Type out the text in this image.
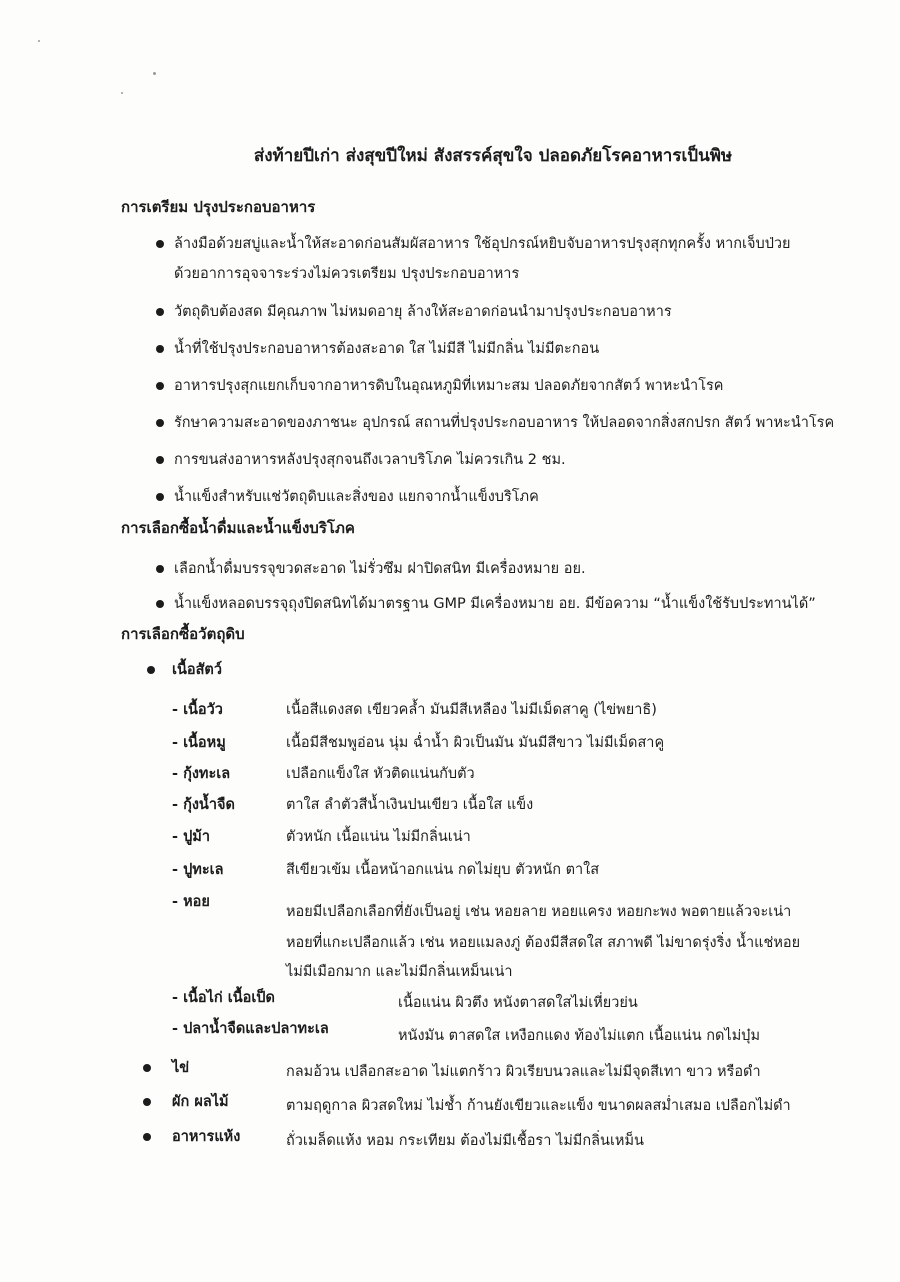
ส่งท้ายปีเก่า ส่งสุขปีใหม่ สังสรรค์สุขใจ ปลอดภัยโรคอาหารเป็นพิษ
การเตรียม ปรุงประกอบอาหาร
ล้างมือด้วยสบู่และน้ำให้สะอาดก่อนสัมผัสอาหาร ใช้อุปกรณ์หยิบจับอาหารปรุงสุกทุกครั้ง หากเจ็บป่วย
ด้วยอาการอุจจาระร่วงไม่ควรเตรียม ปรุงประกอบอาหาร
วัตถุดิบต้องสด มีคุณภาพ ไม่หมดอายุ ล้างให้สะอาดก่อนนำมาปรุงประกอบอาหาร
น้ำที่ใช้ปรุงประกอบอาหารต้องสะอาด ใส ไม่มีสี ไม่มีกลิ่น ไม่มีตะกอน
อาหารปรุงสุกแยกเก็บจากอาหารดิบในอุณหภูมิที่เหมาะสม ปลอดภัยจากสัตว์ พาหะนำโรค
รักษาความสะอาดของภาชนะ อุปกรณ์ สถานที่ปรุงประกอบอาหาร ให้ปลอดจากสิ่งสกปรก สัตว์ พาหะนำโรค
การขนส่งอาหารหลังปรุงสุกจนถึงเวลาบริโภค ไม่ควรเกิน 2 ชม.
น้ำแข็งสำหรับแช่วัตถุดิบและสิ่งของ แยกจากน้ำแข็งบริโภค
การเลือกซื้อน้ำดื่มและน้ำแข็งบริโภค
เลือกน้ำดื่มบรรจุขวดสะอาด ไม่รั่วซึม ฝาปิดสนิท มีเครื่องหมาย อย.
น้ำแข็งหลอดบรรจุถุงปิดสนิทได้มาตรฐาน GMP มีเครื่องหมาย อย. มีข้อความ “น้ำแข็งใช้รับประทานได้”
การเลือกซื้อวัตถุดิบ
เนื้อสัตว์
- เนื้อวัว	เนื้อสีแดงสด เขียวคล้ำ มันมีสีเหลือง ไม่มีเม็ดสาคู (ไข่พยาธิ)
- เนื้อหมู	เนื้อมีสีชมพูอ่อน นุ่ม ฉ่ำน้ำ ผิวเป็นมัน มันมีสีขาว ไม่มีเม็ดสาคู
- กุ้งทะเล	เปลือกแข็งใส หัวติดแน่นกับตัว
- กุ้งน้ำจืด	ตาใส ลำตัวสีน้ำเงินปนเขียว เนื้อใส แข็ง
- ปูม้า	ตัวหนัก เนื้อแน่น ไม่มีกลิ่นเน่า
- ปูทะเล	สีเขียวเข้ม เนื้อหน้าอกแน่น กดไม่ยุบ ตัวหนัก ตาใส
- หอย
หอยมีเปลือกเลือกที่ยังเป็นอยู่ เช่น หอยลาย หอยแครง หอยกะพง พอตายแล้วจะเน่า
หอยที่แกะเปลือกแล้ว เช่น หอยแมลงภู่ ต้องมีสีสดใส สภาพดี ไม่ขาดรุ่งริ่ง น้ำแช่หอย
ไม่มีเมือกมาก และไม่มีกลิ่นเหม็นเน่า
- เนื้อไก่ เนื้อเป็ด	เนื้อแน่น ผิวตึง หนังตาสดใสไม่เหี่ยวย่น
- ปลาน้ำจืดและปลาทะเล	หนังมัน ตาสดใส เหงือกแดง ท้องไม่แตก เนื้อแน่น กดไม่บุ๋ม
ไข่	กลมอ้วน เปลือกสะอาด ไม่แตกร้าว ผิวเรียบนวลและไม่มีจุดสีเทา ขาว หรือดำ
ผัก ผลไม้	ตามฤดูกาล ผิวสดใหม่ ไม่ช้ำ ก้านยังเขียวและแข็ง ขนาดผลสม่ำเสมอ เปลือกไม่ดำ
อาหารแห้ง	ถั่วเมล็ดแห้ง หอม กระเทียม ต้องไม่มีเชื้อรา ไม่มีกลิ่นเหม็น
